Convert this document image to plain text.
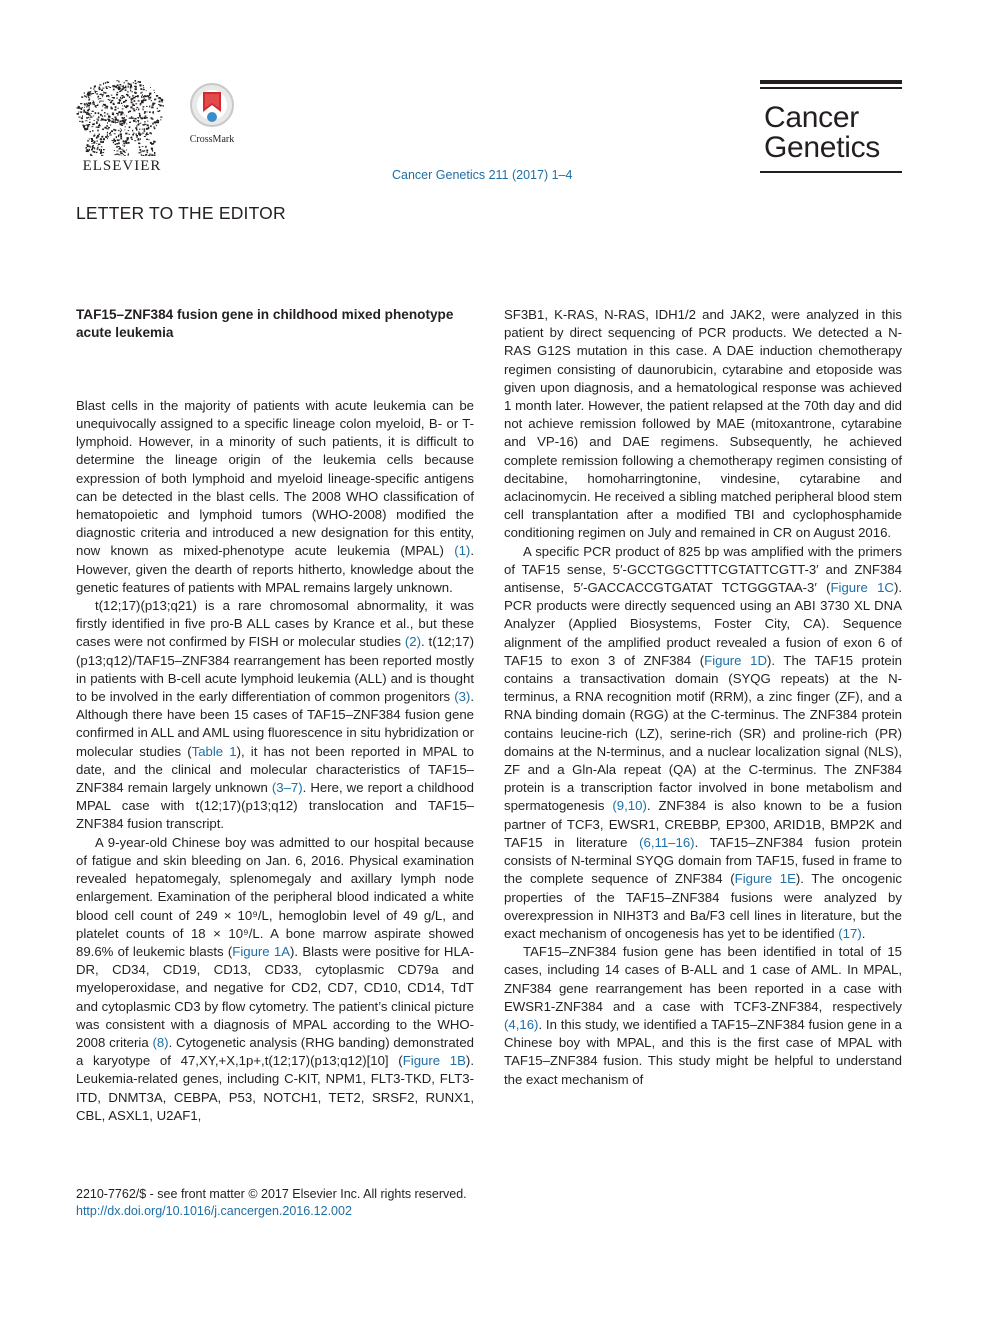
ELSEVIER
CrossMark
Cancer Genetics 211 (2017) 1–4
Cancer
Genetics
LETTER TO THE EDITOR

TAF15–ZNF384 fusion gene in childhood mixed phenotype acute leukemia

Blast cells in the majority of patients with acute leukemia can be unequivocally assigned to a specific lineage colon myeloid, B- or T-lymphoid. However, in a minority of such patients, it is difficult to determine the lineage origin of the leukemia cells because expression of both lymphoid and myeloid lineage-specific antigens can be detected in the blast cells. The 2008 WHO classification of hematopoietic and lymphoid tumors (WHO-2008) modified the diagnostic criteria and introduced a new designation for this entity, now known as mixed-phenotype acute leukemia (MPAL) (1). However, given the dearth of reports hitherto, knowledge about the genetic features of patients with MPAL remains largely unknown.

t(12;17)(p13;q21) is a rare chromosomal abnormality, it was firstly identified in five pro-B ALL cases by Krance et al., but these cases were not confirmed by FISH or molecular studies (2). t(12;17)(p13;q12)/TAF15–ZNF384 rearrangement has been reported mostly in patients with B-cell acute lymphoid leukemia (ALL) and is thought to be involved in the early differentiation of common progenitors (3). Although there have been 15 cases of TAF15–ZNF384 fusion gene confirmed in ALL and AML using fluorescence in situ hybridization or molecular studies (Table 1), it has not been reported in MPAL to date, and the clinical and molecular characteristics of TAF15–ZNF384 remain largely unknown (3–7). Here, we report a childhood MPAL case with t(12;17)(p13;q12) translocation and TAF15–ZNF384 fusion transcript.

A 9-year-old Chinese boy was admitted to our hospital because of fatigue and skin bleeding on Jan. 6, 2016. Physical examination revealed hepatomegaly, splenomegaly and axillary lymph node enlargement. Examination of the peripheral blood indicated a white blood cell count of 249 × 10⁹/L, hemoglobin level of 49 g/L, and platelet counts of 18 × 10⁹/L. A bone marrow aspirate showed 89.6% of leukemic blasts (Figure 1A). Blasts were positive for HLA-DR, CD34, CD19, CD13, CD33, cytoplasmic CD79a and myeloperoxidase, and negative for CD2, CD7, CD10, CD14, TdT and cytoplasmic CD3 by flow cytometry. The patient’s clinical picture was consistent with a diagnosis of MPAL according to the WHO-2008 criteria (8). Cytogenetic analysis (RHG banding) demonstrated a karyotype of 47,XY,+X,1p+,t(12;17)(p13;q12)[10] (Figure 1B). Leukemia-related genes, including C-KIT, NPM1, FLT3-TKD, FLT3-ITD, DNMT3A, CEBPA, P53, NOTCH1, TET2, SRSF2, RUNX1, CBL, ASXL1, U2AF1,

SF3B1, K-RAS, N-RAS, IDH1/2 and JAK2, were analyzed in this patient by direct sequencing of PCR products. We detected a N-RAS G12S mutation in this case. A DAE induction chemotherapy regimen consisting of daunorubicin, cytarabine and etoposide was given upon diagnosis, and a hematological response was achieved 1 month later. However, the patient relapsed at the 70th day and did not achieve remission followed by MAE (mitoxantrone, cytarabine and VP-16) and DAE regimens. Subsequently, he achieved complete remission following a chemotherapy regimen consisting of decitabine, homoharringtonine, vindesine, cytarabine and aclacinomycin. He received a sibling matched peripheral blood stem cell transplantation after a modified TBI and cyclophosphamide conditioning regimen on July and remained in CR on August 2016.

A specific PCR product of 825 bp was amplified with the primers of TAF15 sense, 5′-GCCTGGCTTTCGTATTCGTT-3′ and ZNF384 antisense, 5′-GACCACCGTGATAT TCTGGGTAA-3′ (Figure 1C). PCR products were directly sequenced using an ABI 3730 XL DNA Analyzer (Applied Biosystems, Foster City, CA). Sequence alignment of the amplified product revealed a fusion of exon 6 of TAF15 to exon 3 of ZNF384 (Figure 1D). The TAF15 protein contains a transactivation domain (SYQG repeats) at the N-terminus, a RNA recognition motif (RRM), a zinc finger (ZF), and a RNA binding domain (RGG) at the C-terminus. The ZNF384 protein contains leucine-rich (LZ), serine-rich (SR) and proline-rich (PR) domains at the N-terminus, and a nuclear localization signal (NLS), ZF and a Gln-Ala repeat (QA) at the C-terminus. The ZNF384 protein is a transcription factor involved in bone metabolism and spermatogenesis (9,10). ZNF384 is also known to be a fusion partner of TCF3, EWSR1, CREBBP, EP300, ARID1B, BMP2K and TAF15 in literature (6,11–16). TAF15–ZNF384 fusion protein consists of N-terminal SYQG domain from TAF15, fused in frame to the complete sequence of ZNF384 (Figure 1E). The oncogenic properties of the TAF15–ZNF384 fusions were analyzed by overexpression in NIH3T3 and Ba/F3 cell lines in literature, but the exact mechanism of oncogenesis has yet to be identified (17).

TAF15–ZNF384 fusion gene has been identified in total of 15 cases, including 14 cases of B-ALL and 1 case of AML. In MPAL, ZNF384 gene rearrangement has been reported in a case with EWSR1-ZNF384 and a case with TCF3-ZNF384, respectively (4,16). In this study, we identified a TAF15–ZNF384 fusion gene in a Chinese boy with MPAL, and this is the first case of MPAL with TAF15–ZNF384 fusion. This study might be helpful to understand the exact mechanism of

2210-7762/$ - see front matter © 2017 Elsevier Inc. All rights reserved.
http://dx.doi.org/10.1016/j.cancergen.2016.12.002
